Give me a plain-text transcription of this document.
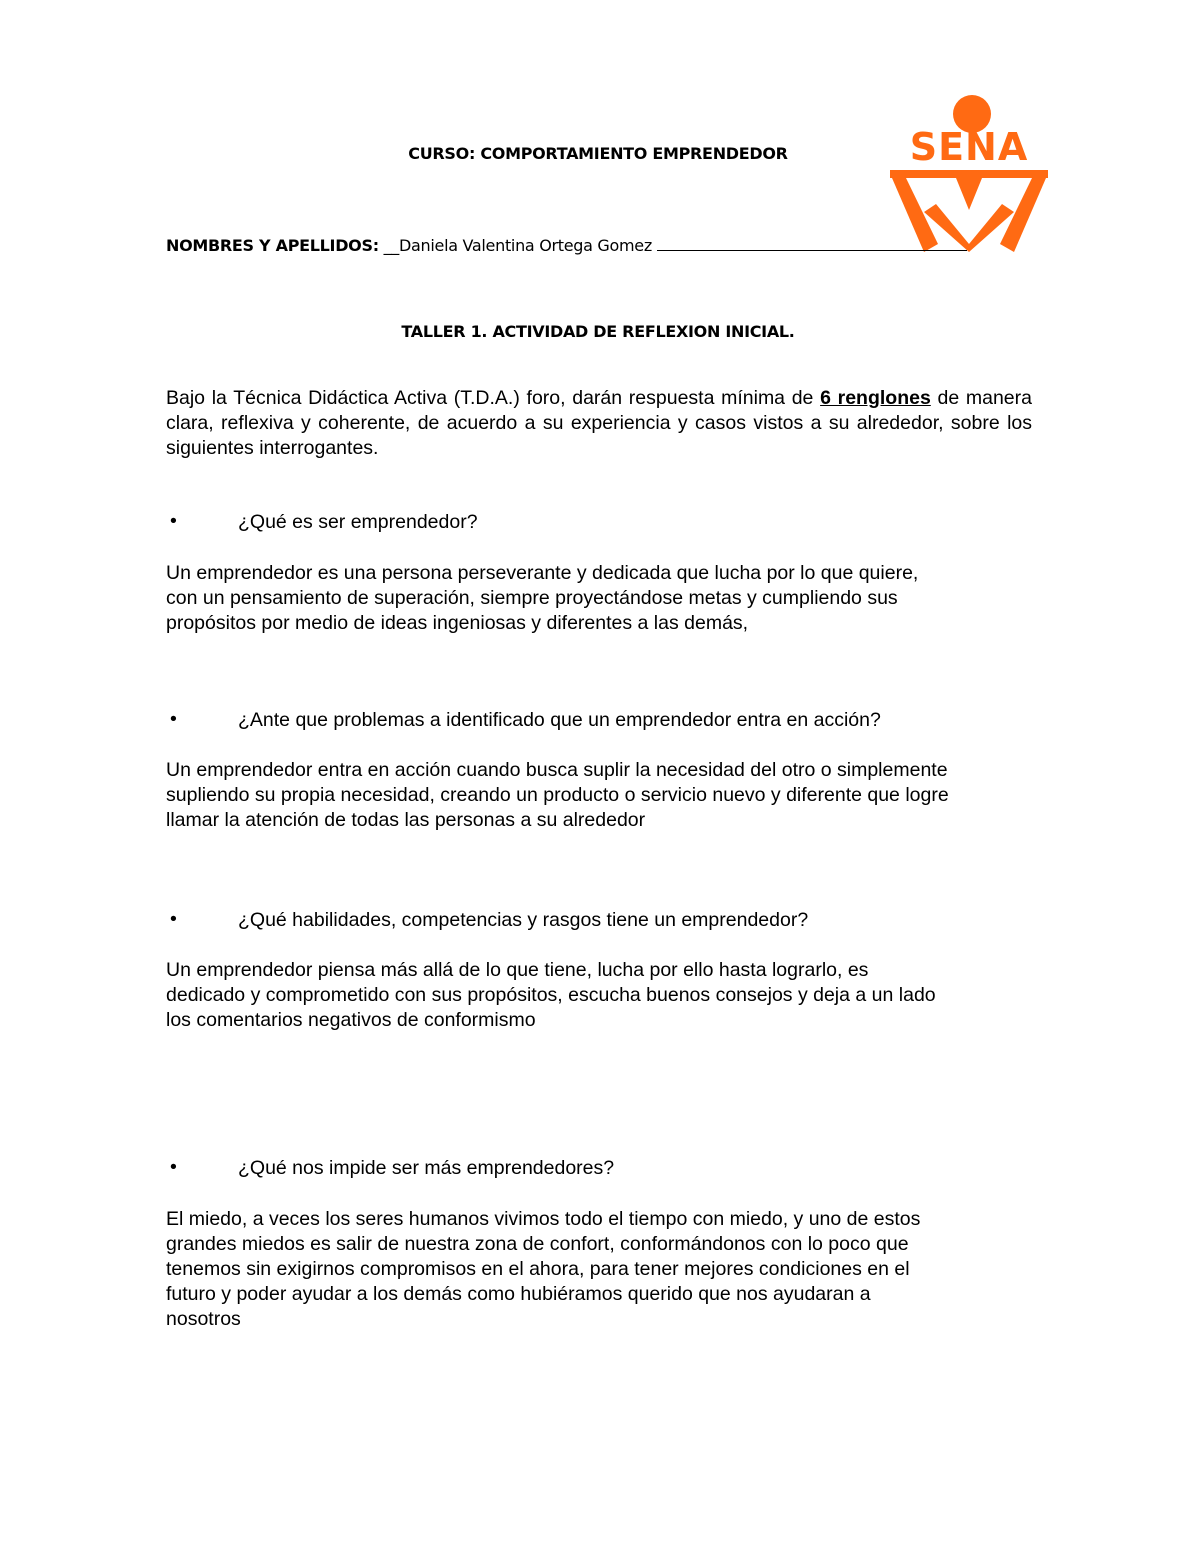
CURSO: COMPORTAMIENTO EMPRENDEDOR	SENA
NOMBRES Y APELLIDOS: __Daniela Valentina Ortega Gomez
TALLER 1. ACTIVIDAD DE REFLEXION INICIAL.
Bajo la Técnica Didáctica Activa (T.D.A.) foro, darán respuesta mínima de 6 renglones de manera clara, reflexiva y coherente, de acuerdo a su experiencia y casos vistos a su alrededor, sobre los siguientes interrogantes.
•	¿Qué es ser emprendedor?
Un emprendedor es una persona perseverante y dedicada que lucha por lo que quiere,
con un pensamiento de superación, siempre proyectándose metas y cumpliendo sus
propósitos por medio de ideas ingeniosas y diferentes a las demás,
•	¿Ante que problemas a identificado que un emprendedor entra en acción?
Un emprendedor entra en acción cuando busca suplir la necesidad del otro o simplemente
supliendo su propia necesidad, creando un producto o servicio nuevo y diferente que logre
llamar la atención de todas las personas a su alrededor
•	¿Qué habilidades, competencias y rasgos tiene un emprendedor?
Un emprendedor piensa más allá de lo que tiene, lucha por ello hasta lograrlo, es
dedicado y comprometido con sus propósitos, escucha buenos consejos y deja a un lado
los comentarios negativos de conformismo
•	¿Qué nos impide ser más emprendedores?
El miedo, a veces los seres humanos vivimos todo el tiempo con miedo, y uno de estos
grandes miedos es salir de nuestra zona de confort, conformándonos con lo poco que
tenemos sin exigirnos compromisos en el ahora, para tener mejores condiciones en el
futuro y poder ayudar a los demás como hubiéramos querido que nos ayudaran a
nosotros
